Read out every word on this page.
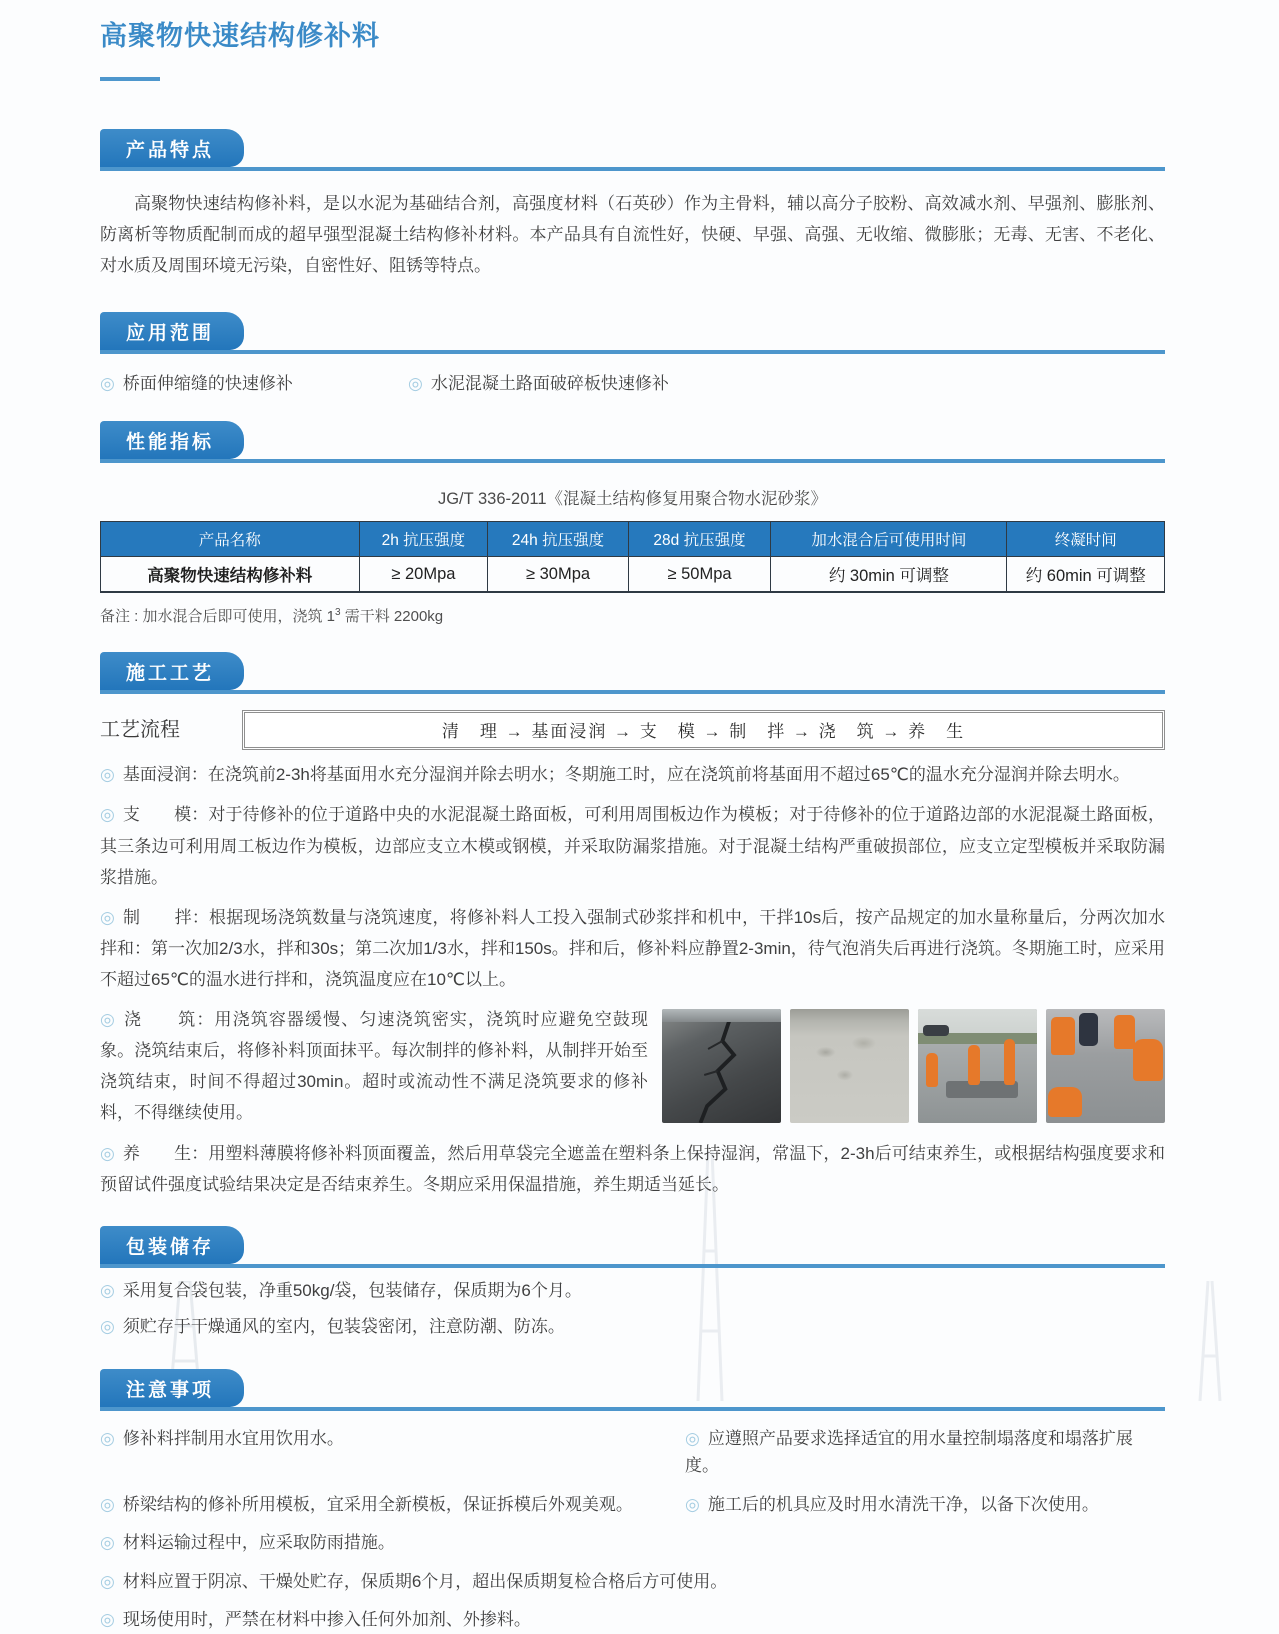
高聚物快速结构修补料
产品特点

高聚物快速结构修补料，是以水泥为基础结合剂，高强度材料（石英砂）作为主骨料，辅以高分子胶粉、高效减水剂、早强剂、膨胀剂、防离析等物质配制而成的超早强型混凝土结构修补材料。本产品具有自流性好，快硬、早强、高强、无收缩、微膨胀；无毒、无害、不老化、对水质及周围环境无污染，自密性好、阻锈等特点。

应用范围

◎ 桥面伸缩缝的快速修补	◎ 水泥混凝土路面破碎板快速修补

性能指标

JG/T 336-2011《混凝土结构修复用聚合物水泥砂浆》

产品名称	2h 抗压强度	24h 抗压强度	28d 抗压强度	加水混合后可使用时间	终凝时间
高聚物快速结构修补料	≥ 20Mpa	≥ 30Mpa	≥ 50Mpa	约 30min 可调整	约 60min 可调整

备注 : 加水混合后即可使用，浇筑 $1^3$ 需干料 2200kg

施工工艺
工艺流程	清　理 → 基面浸润 → 支　模 → 制　拌 → 浇　筑 → 养　生

◎ 基面浸润：在浇筑前2-3h将基面用水充分湿润并除去明水；冬期施工时，应在浇筑前将基面用不超过65℃的温水充分湿润并除去明水。

◎ 支　　模：对于待修补的位于道路中央的水泥混凝土路面板，可利用周围板边作为模板；对于待修补的位于道路边部的水泥混凝土路面板，其三条边可利用周工板边作为模板，边部应支立木模或钢模，并采取防漏浆措施。对于混凝土结构严重破损部位，应支立定型模板并采取防漏浆措施。

◎ 制　　拌：根据现场浇筑数量与浇筑速度，将修补料人工投入强制式砂浆拌和机中，干拌10s后，按产品规定的加水量称量后，分两次加水拌和：第一次加2/3水，拌和30s；第二次加1/3水，拌和150s。拌和后，修补料应静置2-3min，待气泡消失后再进行浇筑。冬期施工时，应采用不超过65℃的温水进行拌和，浇筑温度应在10℃以上。

◎ 浇　　筑：用浇筑容器缓慢、匀速浇筑密实，浇筑时应避免空鼓现象。浇筑结束后，将修补料顶面抹平。每次制拌的修补料，从制拌开始至浇筑结束，时间不得超过30min。超时或流动性不满足浇筑要求的修补料，不得继续使用。

◎ 养　　生：用塑料薄膜将修补料顶面覆盖，然后用草袋完全遮盖在塑料条上保持湿润，常温下，2-3h后可结束养生，或根据结构强度要求和预留试件强度试验结果决定是否结束养生。冬期应采用保温措施，养生期适当延长。

包装储存

◎ 采用复合袋包装，净重50kg/袋，包装储存，保质期为6个月。

◎ 须贮存于干燥通风的室内，包装袋密闭，注意防潮、防冻。

注意事项

◎ 修补料拌制用水宜用饮用水。	◎ 应遵照产品要求选择适宜的用水量控制塌落度和塌落扩展度。

◎ 桥梁结构的修补所用模板，宜采用全新模板，保证拆模后外观美观。	◎ 施工后的机具应及时用水清洗干净，以备下次使用。

◎ 材料运输过程中，应采取防雨措施。

◎ 材料应置于阴凉、干燥处贮存，保质期6个月，超出保质期复检合格后方可使用。

◎ 现场使用时，严禁在材料中掺入任何外加剂、外掺料。
